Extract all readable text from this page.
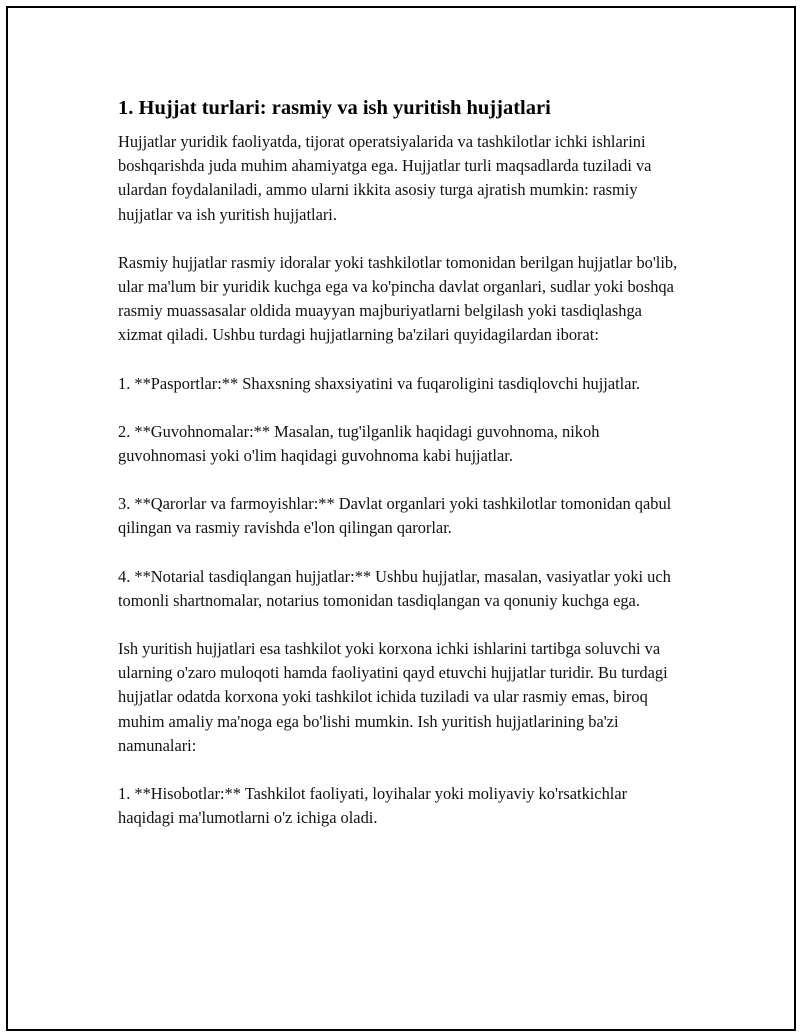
1. Hujjat turlari: rasmiy va ish yuritish hujjatlari

Hujjatlar yuridik faoliyatda, tijorat operatsiyalarida va tashkilotlar ichki ishlarini boshqarishda juda muhim ahamiyatga ega. Hujjatlar turli maqsadlarda tuziladi va ulardan foydalaniladi, ammo ularni ikkita asosiy turga ajratish mumkin: rasmiy hujjatlar va ish yuritish hujjatlari.

Rasmiy hujjatlar rasmiy idoralar yoki tashkilotlar tomonidan berilgan hujjatlar bo'lib, ular ma'lum bir yuridik kuchga ega va ko'pincha davlat organlari, sudlar yoki boshqa rasmiy muassasalar oldida muayyan majburiyatlarni belgilash yoki tasdiqlashga xizmat qiladi. Ushbu turdagi hujjatlarning ba'zilari quyidagilardan iborat:

1. **Pasportlar:** Shaxsning shaxsiyatini va fuqaroligini tasdiqlovchi hujjatlar.

2. **Guvohnomalar:** Masalan, tug'ilganlik haqidagi guvohnoma, nikoh guvohnomasi yoki o'lim haqidagi guvohnoma kabi hujjatlar.

3. **Qarorlar va farmoyishlar:** Davlat organlari yoki tashkilotlar tomonidan qabul qilingan va rasmiy ravishda e'lon qilingan qarorlar.

4. **Notarial tasdiqlangan hujjatlar:** Ushbu hujjatlar, masalan, vasiyatlar yoki uch tomonli shartnomalar, notarius tomonidan tasdiqlangan va qonuniy kuchga ega.

Ish yuritish hujjatlari esa tashkilot yoki korxona ichki ishlarini tartibga soluvchi va ularning o'zaro muloqoti hamda faoliyatini qayd etuvchi hujjatlar turidir. Bu turdagi hujjatlar odatda korxona yoki tashkilot ichida tuziladi va ular rasmiy emas, biroq muhim amaliy ma'noga ega bo'lishi mumkin. Ish yuritish hujjatlarining ba'zi namunalari:

1. **Hisobotlar:** Tashkilot faoliyati, loyihalar yoki moliyaviy ko'rsatkichlar haqidagi ma'lumotlarni o'z ichiga oladi.
